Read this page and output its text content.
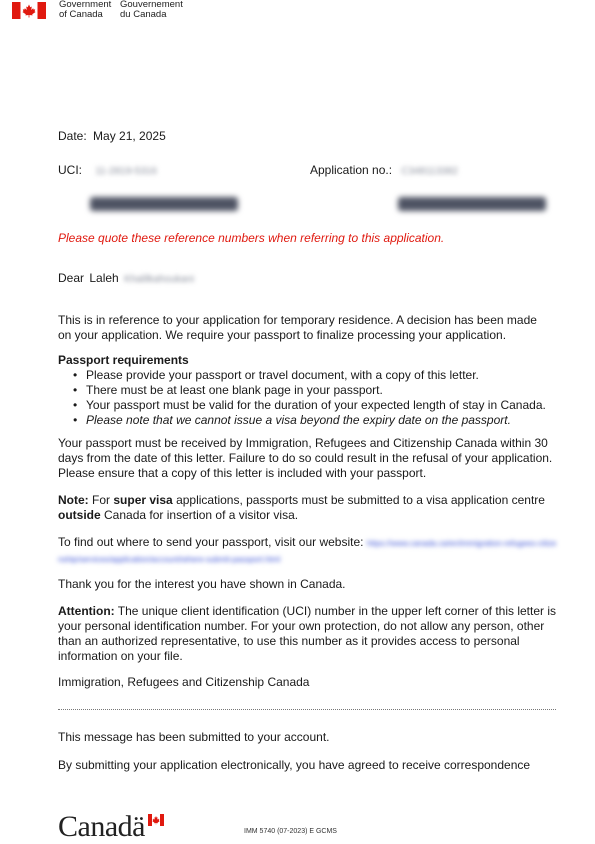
Government
of Canada
Gouvernement
du Canada
Date: May 21, 2025
UCI: 11-2819-5316	Application no.: C348113382
Please quote these reference numbers when referring to this application.
Dear Laleh Khalilkahoukani

This is in reference to your application for temporary residence. A decision has been made on your application. We require your passport to finalize processing your application.

Passport requirements
• Please provide your passport or travel document, with a copy of this letter.
• There must be at least one blank page in your passport.
• Your passport must be valid for the duration of your expected length of stay in Canada.
• Please note that we cannot issue a visa beyond the expiry date on the passport.

Your passport must be received by Immigration, Refugees and Citizenship Canada within 30 days from the date of this letter. Failure to do so could result in the refusal of your application. Please ensure that a copy of this letter is included with your passport.

Note: For super visa applications, passports must be submitted to a visa application centre outside Canada for insertion of a visitor visa.

To find out where to send your passport, visit our website: https://www.canada.ca/en/immigration-refugees-citizenship/services/application/account/where-submit-passport.html

Thank you for the interest you have shown in Canada.

Attention: The unique client identification (UCI) number in the upper left corner of this letter is your personal identification number. For your own protection, do not allow any person, other than an authorized representative, to use this number as it provides access to personal information on your file.

Immigration, Refugees and Citizenship Canada

This message has been submitted to your account.

By submitting your application electronically, you have agreed to receive correspondence

Canadä	IMM 5740 (07-2023) E GCMS
